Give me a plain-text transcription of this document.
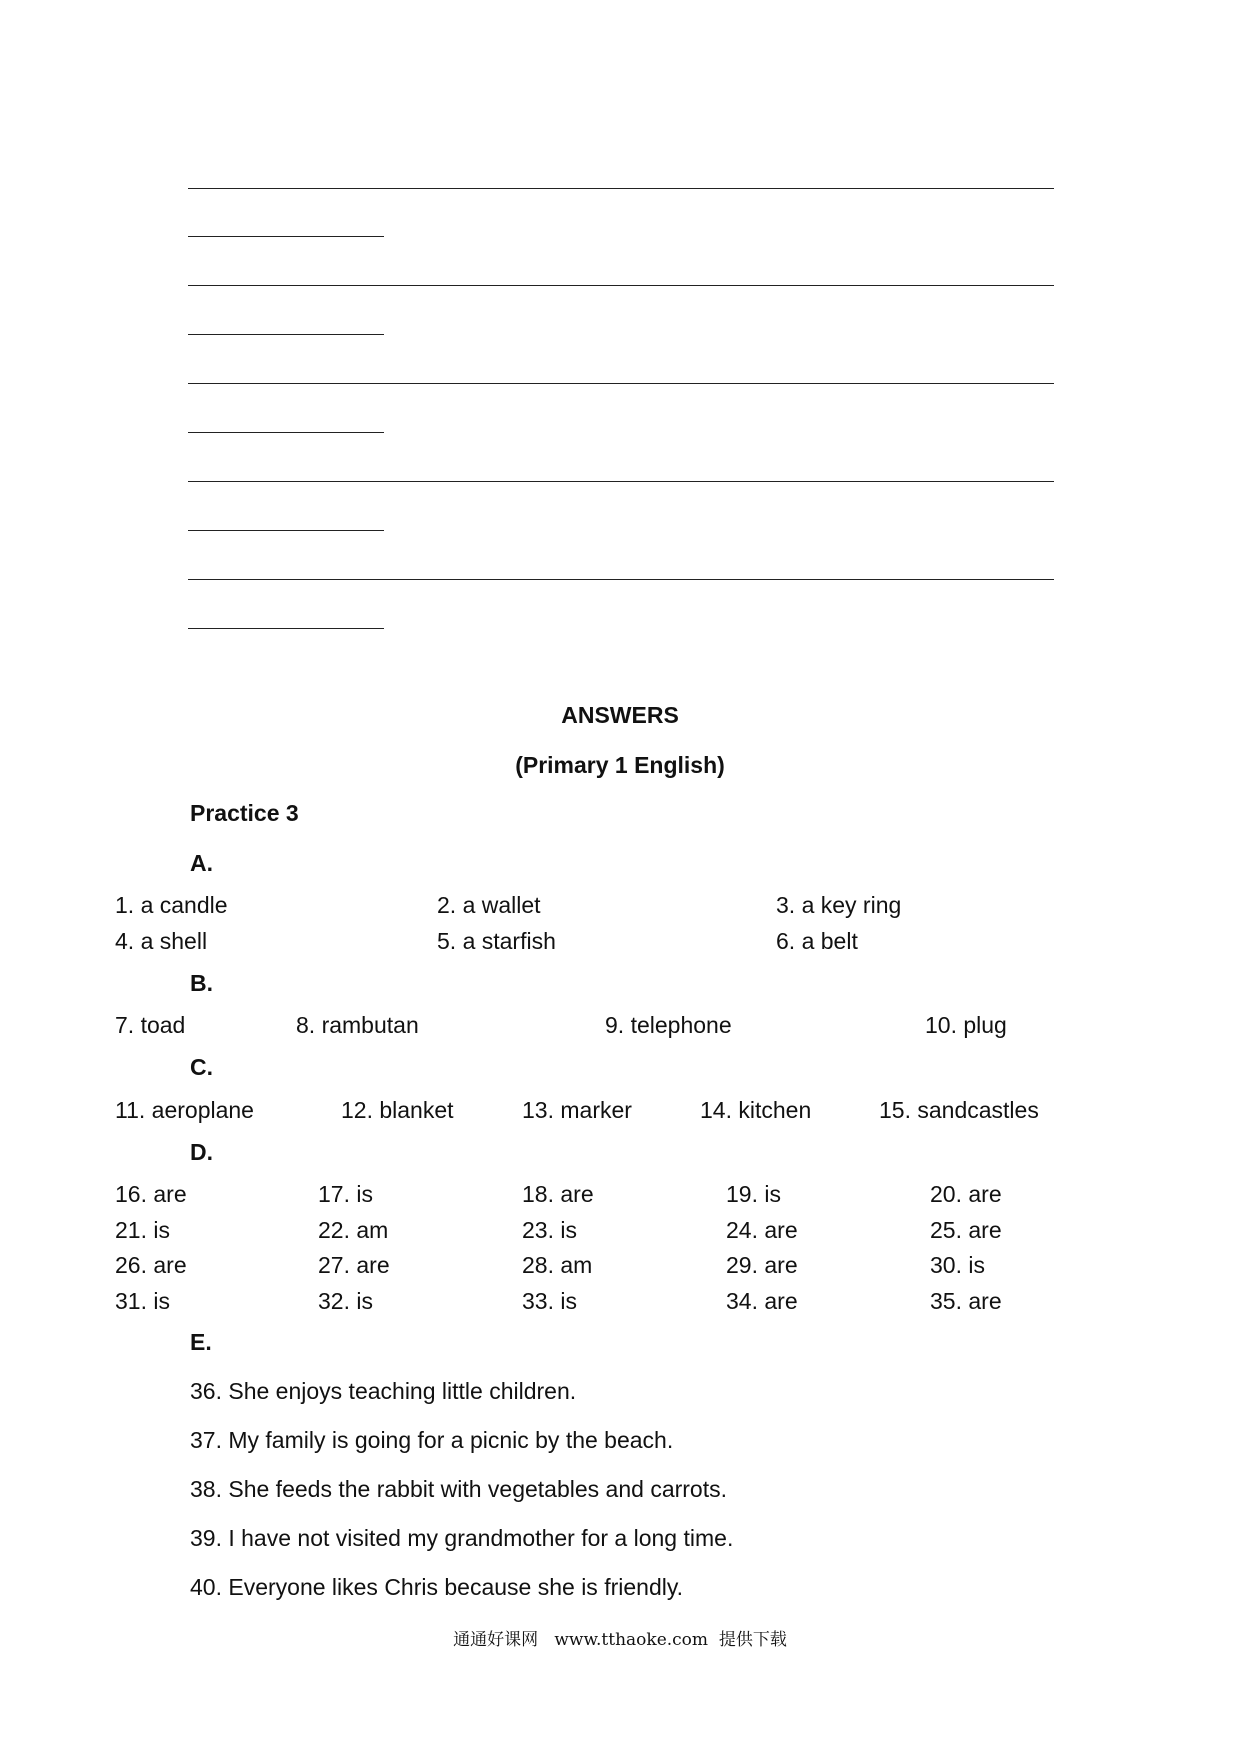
ANSWERS
(Primary 1 English)
Practice 3
A.
1. a candle	2. a wallet	3. a key ring
4. a shell	5. a starfish	6. a belt
B.
7. toad	8. rambutan	9. telephone	10. plug
C.
11. aeroplane	12. blanket	13. marker	14. kitchen	15. sandcastles
D.
16. are	17. is	18. are	19. is	20. are
21. is	22. am	23. is	24. are	25. are
26. are	27. are	28. am	29. are	30. is
31. is	32. is	33. is	34. are	35. are
E.
36. She enjoys teaching little children.
37. My family is going for a picnic by the beach.
38. She feeds the rabbit with vegetables and carrots.
39. I have not visited my grandmother for a long time.
40. Everyone likes Chris because she is friendly.
通通好课网   www.tthaoke.com  提供下载
